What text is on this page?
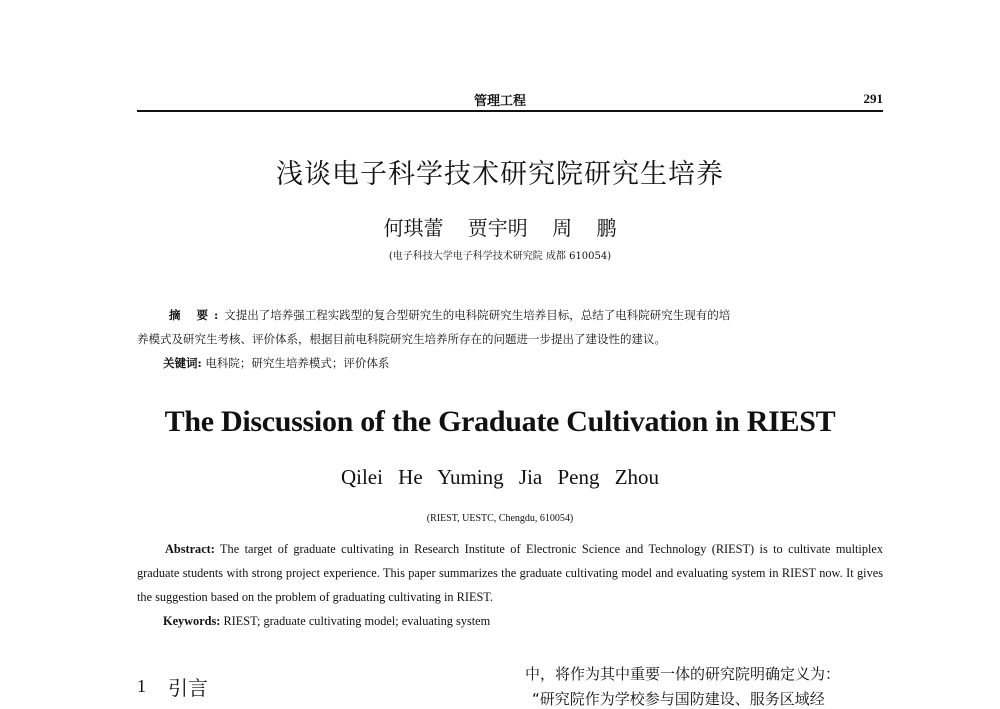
管理工程	291
浅谈电子科学技术研究院研究生培养
何琪蕾 贾宇明 周 鹏
(电子科技大学电子科学技术研究院 成都 610054)
摘 要:文提出了培养强工程实践型的复合型研究生的电科院研究生培养目标，总结了电科院研究生现有的培
养模式及研究生考核、评价体系，根据目前电科院研究生培养所存在的问题进一步提出了建设性的建议。
关键词: 电科院；研究生培养模式；评价体系
The Discussion of the Graduate Cultivation in RIEST
Qilei He Yuming Jia Peng Zhou
(RIEST, UESTC, Chengdu, 610054)
Abstract: The target of graduate cultivating in Research Institute of Electronic Science and Technology (RIEST) is to cultivate multiplex graduate students with strong project experience. This paper summarizes the graduate cultivating model and evaluating system in RIEST now. It gives the suggestion based on the problem of graduating cultivating in RIEST.
Keywords: RIEST; graduate cultivating model; evaluating system
1 引言
中，将作为其中重要一体的研究院明确定义为：
“研究院作为学校参与国防建设、服务区域经
